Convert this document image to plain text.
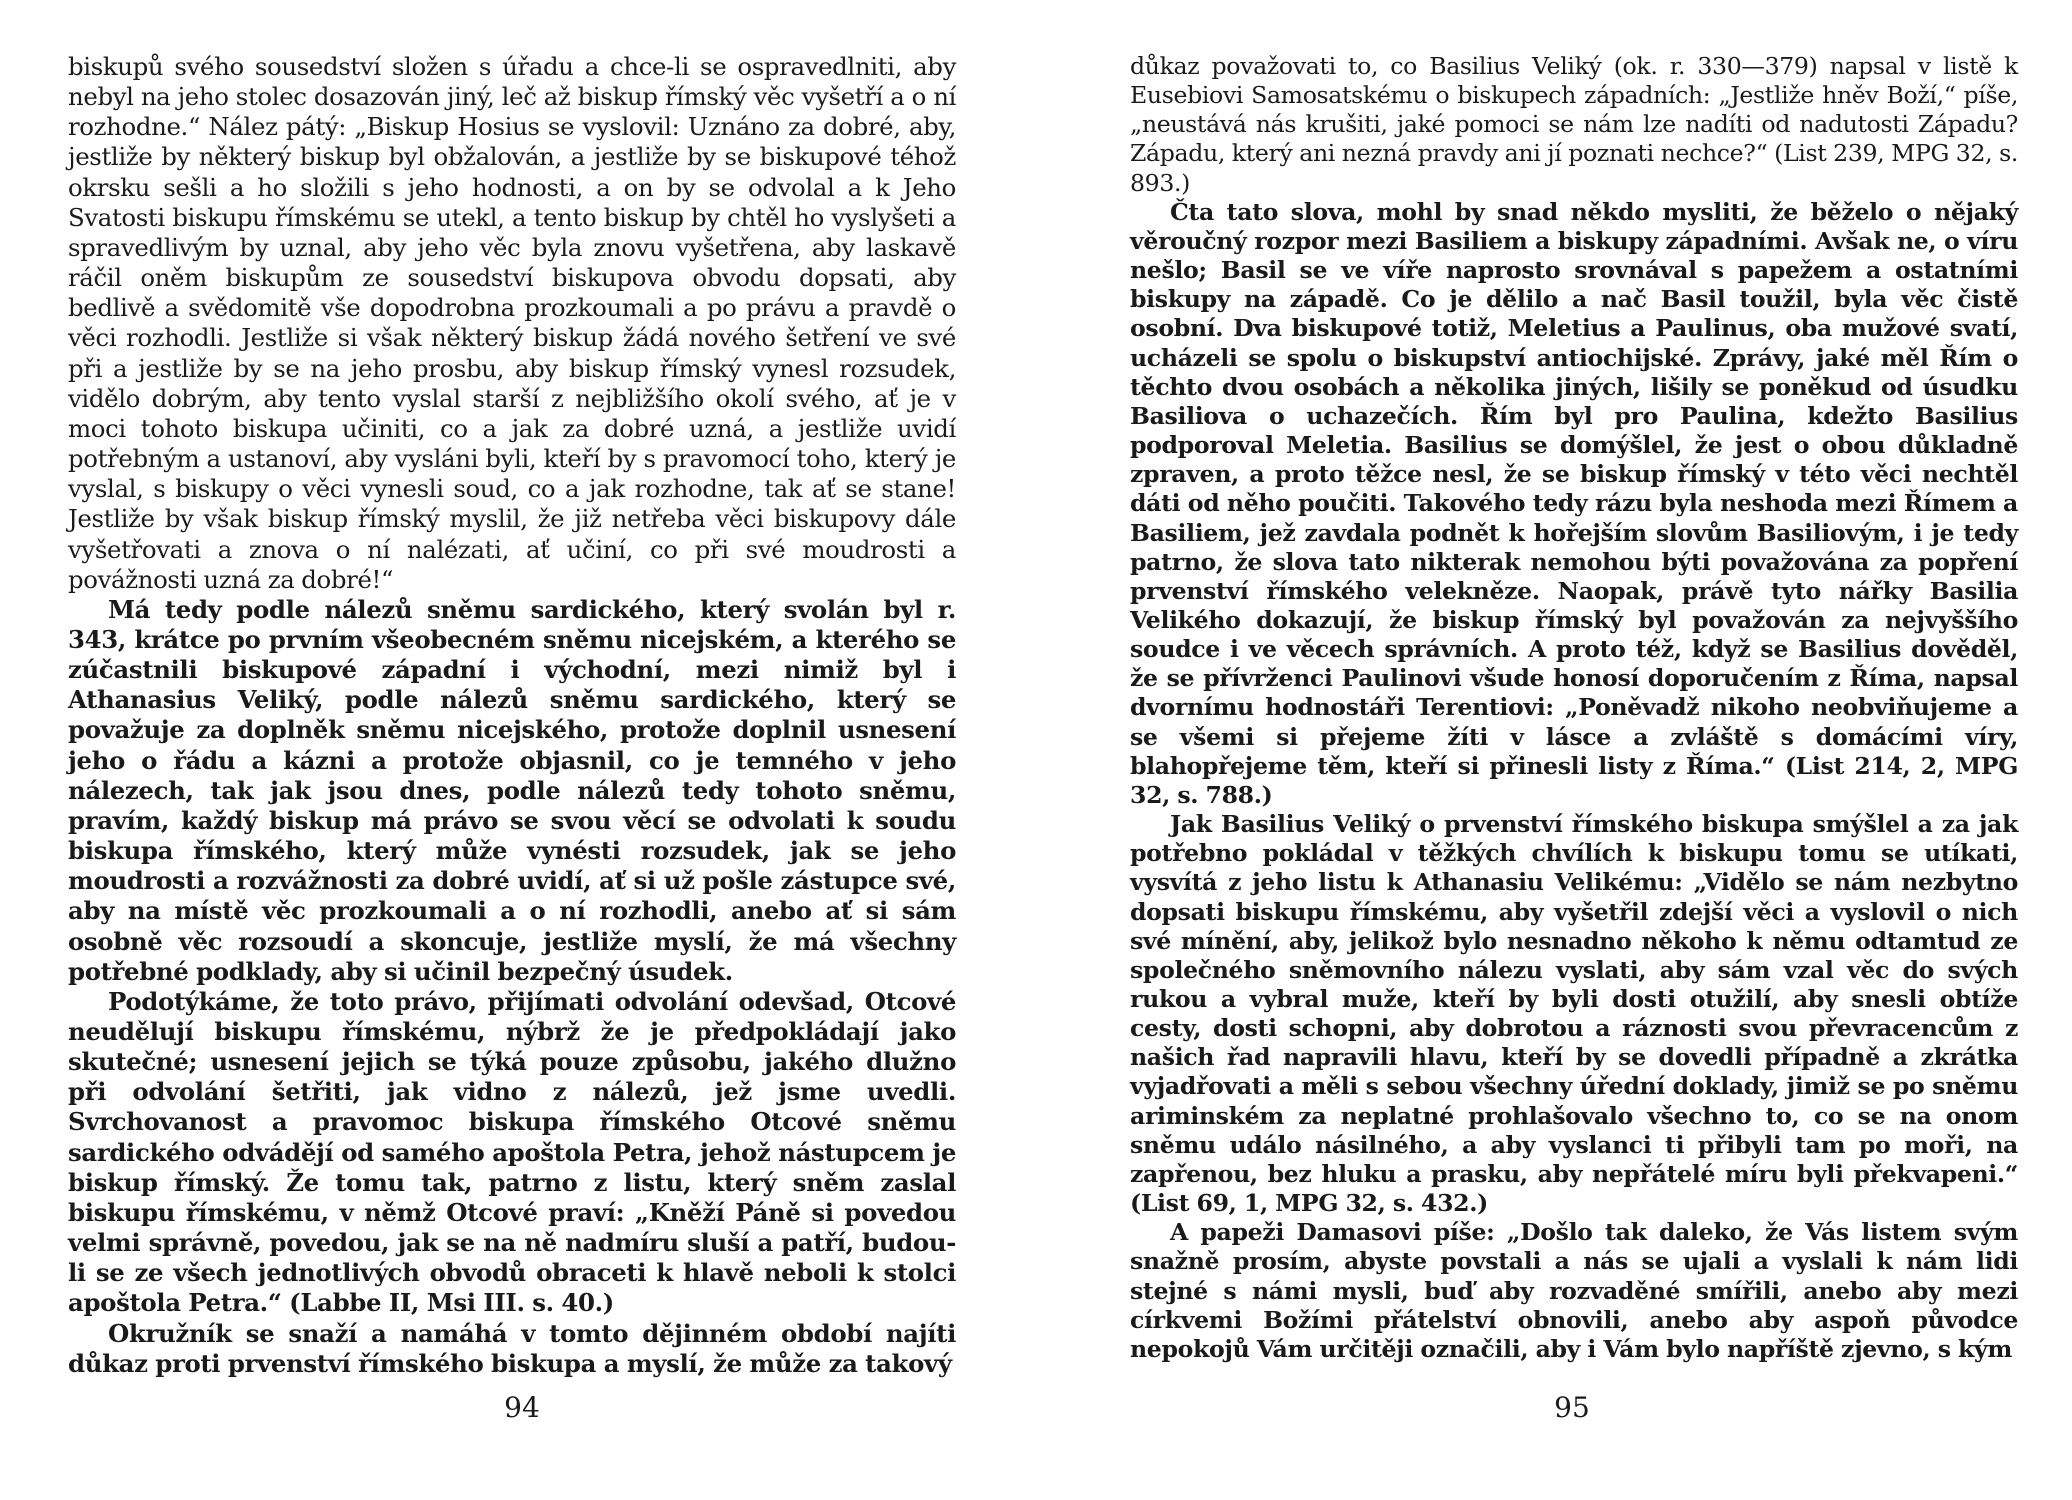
biskupů svého sousedství složen s úřadu a chce-li se ospravedlniti, aby nebyl na jeho stolec dosazován jiný, leč až biskup římský věc vyšetří a o ní rozhodne.“ Nález pátý: „Biskup Hosius se vyslovil: Uznáno za dobré, aby, jestliže by některý biskup byl obžalován, a jestliže by se biskupové téhož okrsku sešli a ho složili s jeho hodnosti, a on by se odvolal a k Jeho Svatosti biskupu římskému se utekl, a tento biskup by chtěl ho vyslyšeti a spravedlivým by uznal, aby jeho věc byla znovu vyšetřena, aby laskavě ráčil oněm biskupům ze sousedství biskupova obvodu dopsati, aby bedlivě a svědomitě vše dopodrobna prozkoumali a po právu a pravdě o věci rozhodli. Jestliže si však některý biskup žádá nového šetření ve své při a jestliže by se na jeho prosbu, aby biskup římský vynesl rozsudek, vidělo dobrým, aby tento vyslal starší z nejbližšího okolí svého, ať je v moci tohoto biskupa učiniti, co a jak za dobré uzná, a jestliže uvidí potřebným a ustanoví, aby vysláni byli, kteří by s pravomocí toho, který je vyslal, s biskupy o věci vynesli soud, co a jak rozhodne, tak ať se stane! Jestliže by však biskup římský myslil, že již netřeba věci biskupovy dále vyšetřovati a znova o ní nalézati, ať učiní, co při své moudrosti a povážnosti uzná za dobré!“

Má tedy podle nálezů sněmu sardického, který svolán byl r. 343, krátce po prvním všeobecném sněmu nicejském, a kterého se zúčastnili biskupové západní i východní, mezi nimiž byl i Athanasius Veliký, podle nálezů sněmu sardického, který se považuje za doplněk sněmu nicejského, protože doplnil usnesení jeho o řádu a kázni a protože objasnil, co je temného v jeho nálezech, tak jak jsou dnes, podle nálezů tedy tohoto sněmu, pravím, každý biskup má právo se svou věcí se odvolati k soudu biskupa římského, který může vynésti rozsudek, jak se jeho moudrosti a rozvážnosti za dobré uvidí, ať si už pošle zástupce své, aby na místě věc prozkoumali a o ní rozhodli, anebo ať si sám osobně věc rozsoudí a skoncuje, jestliže myslí, že má všechny potřebné podklady, aby si učinil bezpečný úsudek.

Podotýkáme, že toto právo, přijímati odvolání odevšad, Otcové neudělují biskupu římskému, nýbrž že je předpokládají jako skutečné; usnesení jejich se týká pouze způsobu, jakého dlužno při odvolání šetřiti, jak vidno z nálezů, jež jsme uvedli. Svrchovanost a pravomoc biskupa římského Otcové sněmu sardického odvádějí od samého apoštola Petra, jehož nástupcem je biskup římský. Že tomu tak, patrno z listu, který sněm zaslal biskupu římskému, v němž Otcové praví: „Kněží Páně si povedou velmi správně, povedou, jak se na ně nadmíru sluší a patří, budou-li se ze všech jednotlivých obvodů obraceti k hlavě neboli k stolci apoštola Petra.“ (Labbe II, Msi III. s. 40.)

Okružník se snaží a namáhá v tomto dějinném období najíti důkaz proti prvenství římského biskupa a myslí, že může za takový

94

důkaz považovati to, co Basilius Veliký (ok. r. 330—379) napsal v listě k Eusebiovi Samosatskému o biskupech západních: „Jestliže hněv Boží,“ píše, „neustává nás krušiti, jaké pomoci se nám lze nadíti od nadutosti Západu? Západu, který ani nezná pravdy ani jí poznati nechce?“ (List 239, MPG 32, s. 893.)

Čta tato slova, mohl by snad někdo mysliti, že běželo o nějaký věroučný rozpor mezi Basiliem a biskupy západními. Avšak ne, o víru nešlo; Basil se ve víře naprosto srovnával s papežem a ostatními biskupy na západě. Co je dělilo a nač Basil toužil, byla věc čistě osobní. Dva biskupové totiž, Meletius a Paulinus, oba mužové svatí, ucházeli se spolu o biskupství antiochijské. Zprávy, jaké měl Řím o těchto dvou osobách a několika jiných, lišily se poněkud od úsudku Basiliova o uchazečích. Řím byl pro Paulina, kdežto Basilius podporoval Meletia. Basilius se domýšlel, že jest o obou důkladně zpraven, a proto těžce nesl, že se biskup římský v této věci nechtěl dáti od něho poučiti. Takového tedy rázu byla neshoda mezi Římem a Basiliem, jež zavdala podnět k hořejším slovům Basiliovým, i je tedy patrno, že slova tato nikterak nemohou býti považována za popření prvenství římského velekněze. Naopak, právě tyto nářky Basilia Velikého dokazují, že biskup římský byl považován za nejvyššího soudce i ve věcech správních. A proto též, když se Basilius dověděl, že se přívrženci Paulinovi všude honosí doporučením z Říma, napsal dvornímu hodnostáři Terentiovi: „Poněvadž nikoho neobviňujeme a se všemi si přejeme žíti v lásce a zvláště s domácími víry, blahopřejeme těm, kteří si přinesli listy z Říma.“ (List 214, 2, MPG 32, s. 788.)

Jak Basilius Veliký o prvenství římského biskupa smýšlel a za jak potřebno pokládal v těžkých chvílích k biskupu tomu se utíkati, vysvítá z jeho listu k Athanasiu Velikému: „Vidělo se nám nezbytno dopsati biskupu římskému, aby vyšetřil zdejší věci a vyslovil o nich své mínění, aby, jelikož bylo nesnadno někoho k němu odtamtud ze společného sněmovního nálezu vyslati, aby sám vzal věc do svých rukou a vybral muže, kteří by byli dosti otužilí, aby snesli obtíže cesty, dosti schopni, aby dobrotou a ráznosti svou převracencům z našich řad napravili hlavu, kteří by se dovedli případně a zkrátka vyjadřovati a měli s sebou všechny úřední doklady, jimiž se po sněmu ariminském za neplatné prohlašovalo všechno to, co se na onom sněmu událo násilného, a aby vyslanci ti přibyli tam po moři, na zapřenou, bez hluku a prasku, aby nepřátelé míru byli překvapeni.“ (List 69, 1, MPG 32, s. 432.)

A papeži Damasovi píše: „Došlo tak daleko, že Vás listem svým snažně prosím, abyste povstali a nás se ujali a vyslali k nám lidi stejné s námi mysli, buď aby rozvaděné smířili, anebo aby mezi církvemi Božími přátelství obnovili, anebo aby aspoň původce nepokojů Vám určitěji označili, aby i Vám bylo napříště zjevno, s kým

95
